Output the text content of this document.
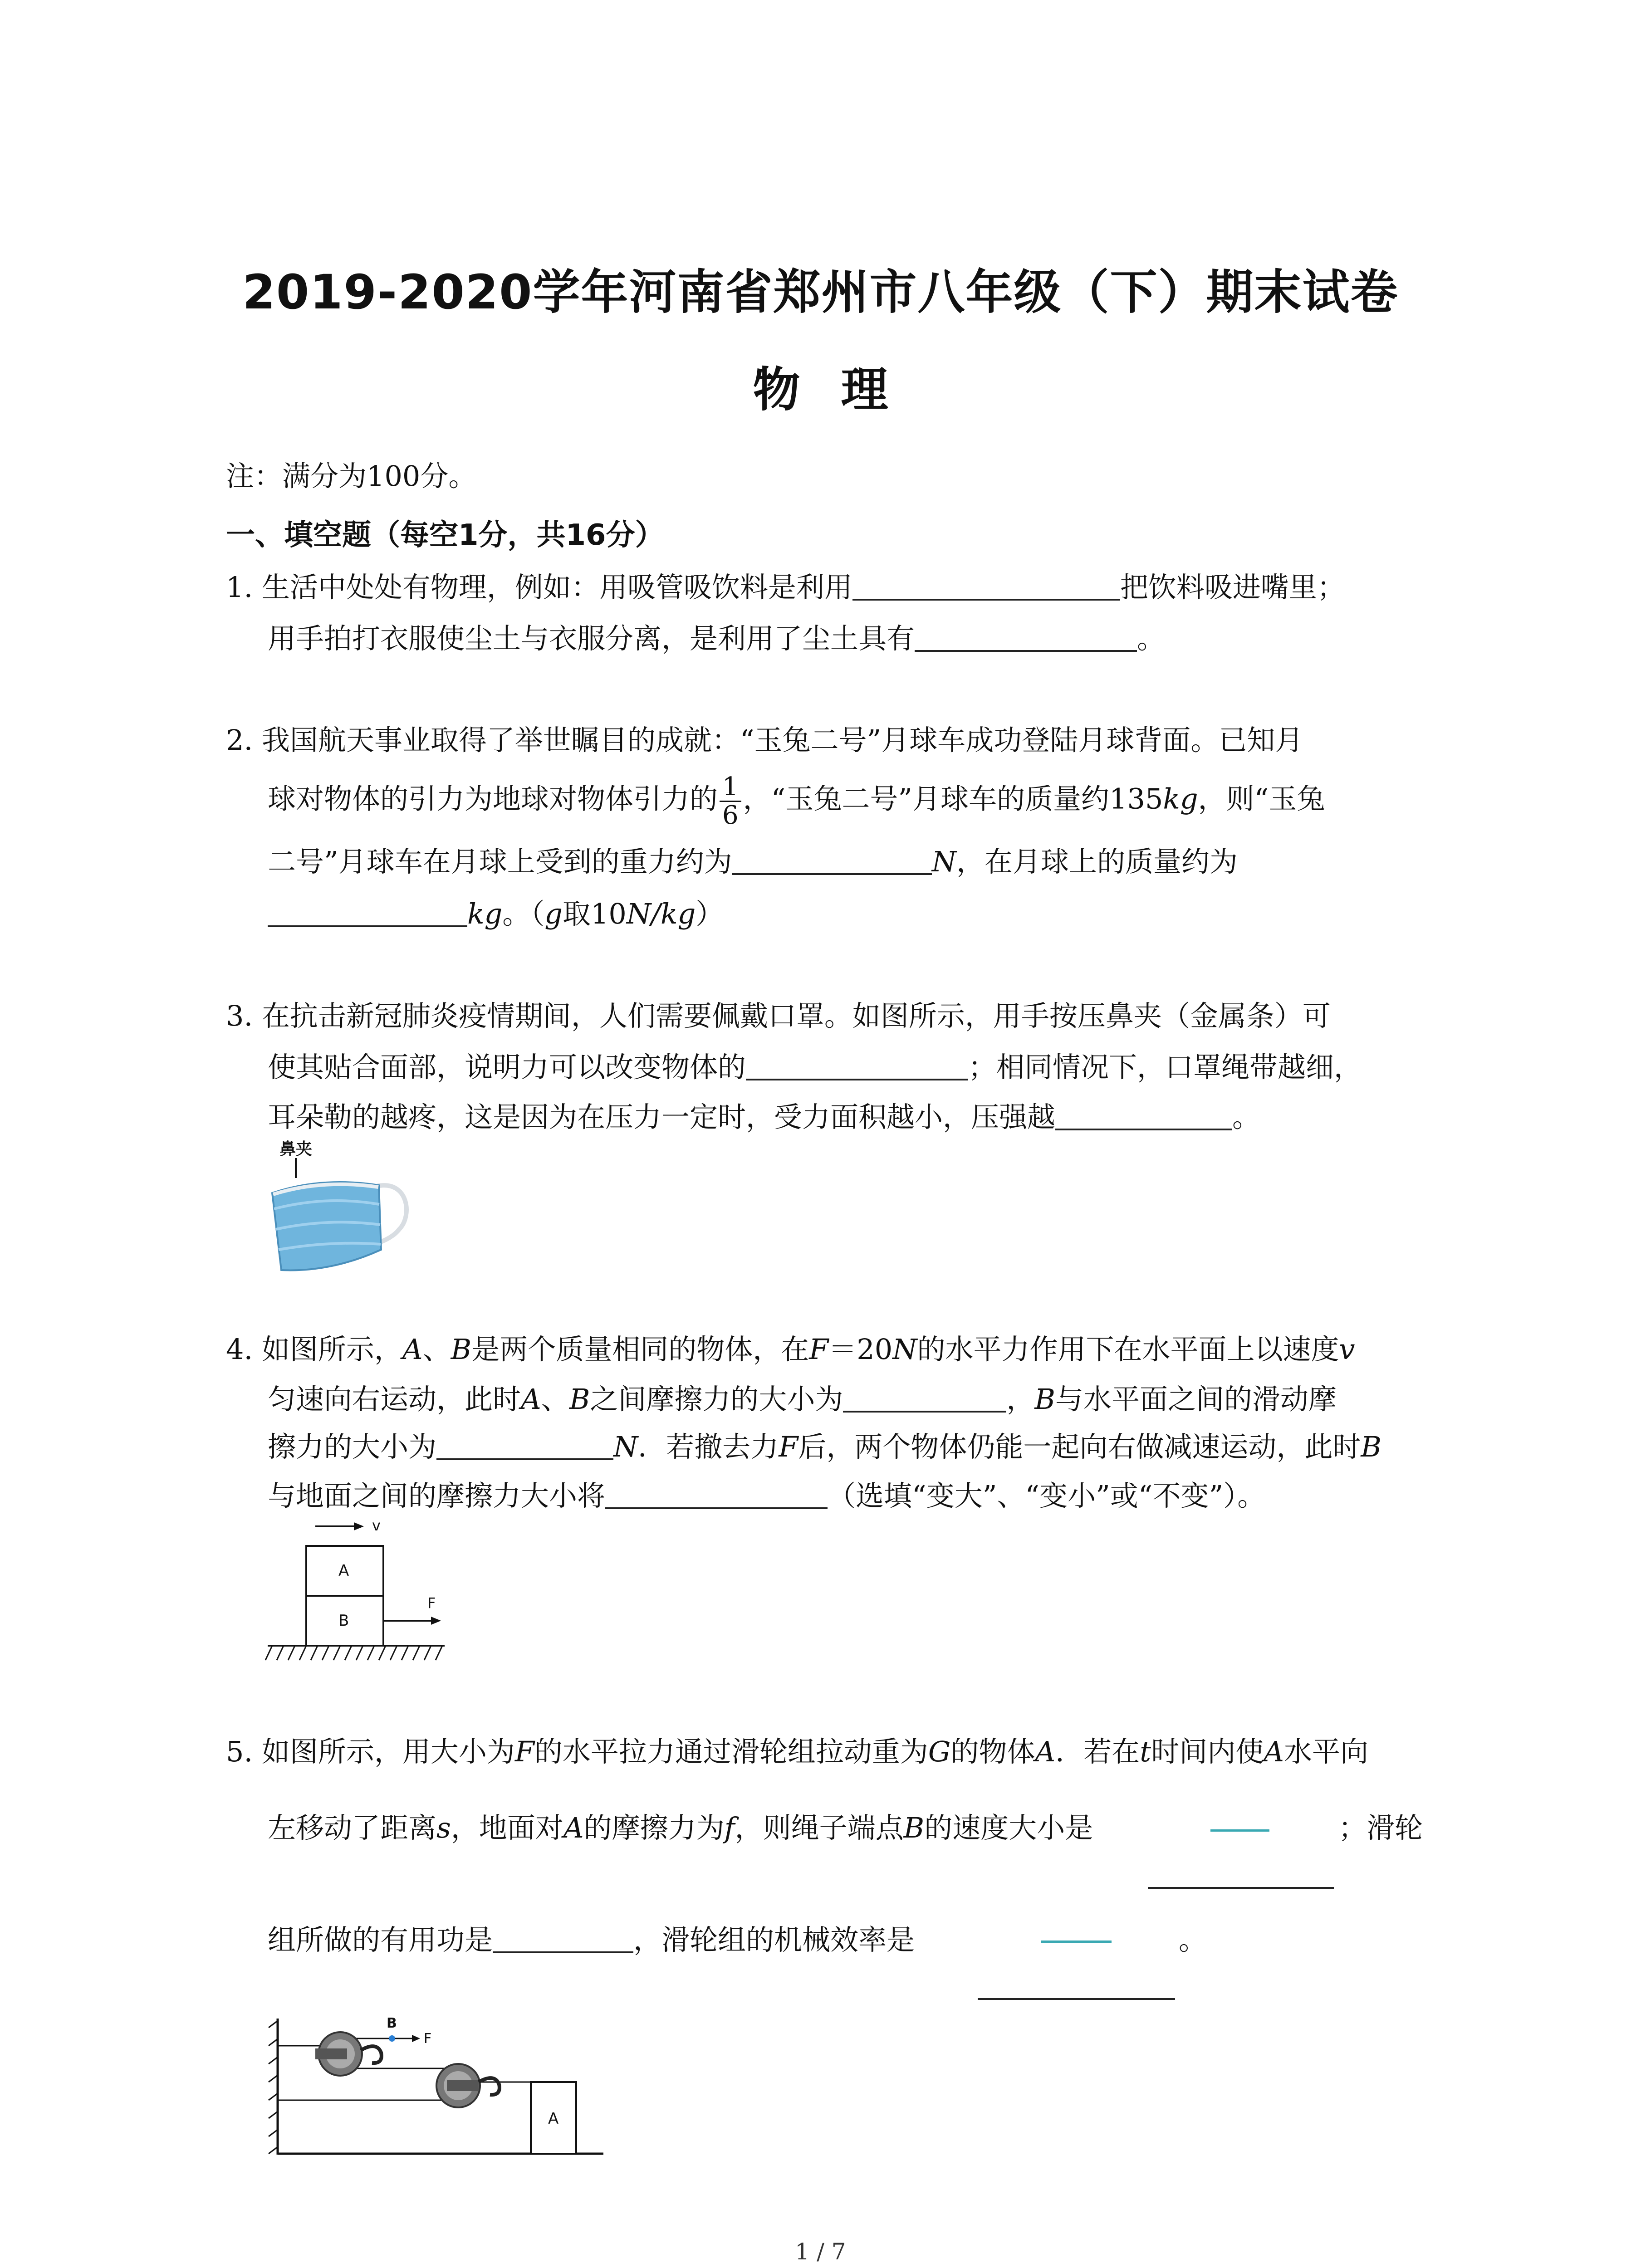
2019-2020学年河南省郑州市八年级（下）期末试卷
物理
注：满分为100分。
一、填空题（每空1分，共16分）
1. 生活中处处有物理，例如：用吸管吸饮料是利用	把饮料吸进嘴里；
用手拍打衣服使尘土与衣服分离，是利用了尘土具有	。
2. 我国航天事业取得了举世瞩目的成就：“玉兔二号”月球车成功登陆月球背面。已知月
球对物体的引力为地球对物体引力的 $\frac{1}{6}$ ，“玉兔二号”月球车的质量约135kg，则“玉兔
二号”月球车在月球上受到的重力约为	N，在月球上的质量约为
kg。（g取10N/kg）
3. 在抗击新冠肺炎疫情期间，人们需要佩戴口罩。如图所示，用手按压鼻夹（金属条）可
使其贴合面部，说明力可以改变物体的	；相同情况下，口罩绳带越细，
耳朵勒的越疼，这是因为在压力一定时，受力面积越小，压强越	。
鼻夹
4. 如图所示，A、B是两个质量相同的物体，在F＝20N的水平力作用下在水平面上以速度v
匀速向右运动，此时A、B之间摩擦力的大小为	，B与水平面之间的滑动摩
擦力的大小为	N．若撤去力F后，两个物体仍能一起向右做减速运动，此时B
与地面之间的摩擦力大小将	（选填“变大”、“变小”或“不变”）。
v
A
B
F
5. 如图所示，用大小为F的水平拉力通过滑轮组拉动重为G的物体A．若在t时间内使A水平向
左移动了距离s，地面对A的摩擦力为f，则绳子端点B的速度大小是	；滑轮
组所做的有用功是	，滑轮组的机械效率是	。
B
F
A
1 / 7
